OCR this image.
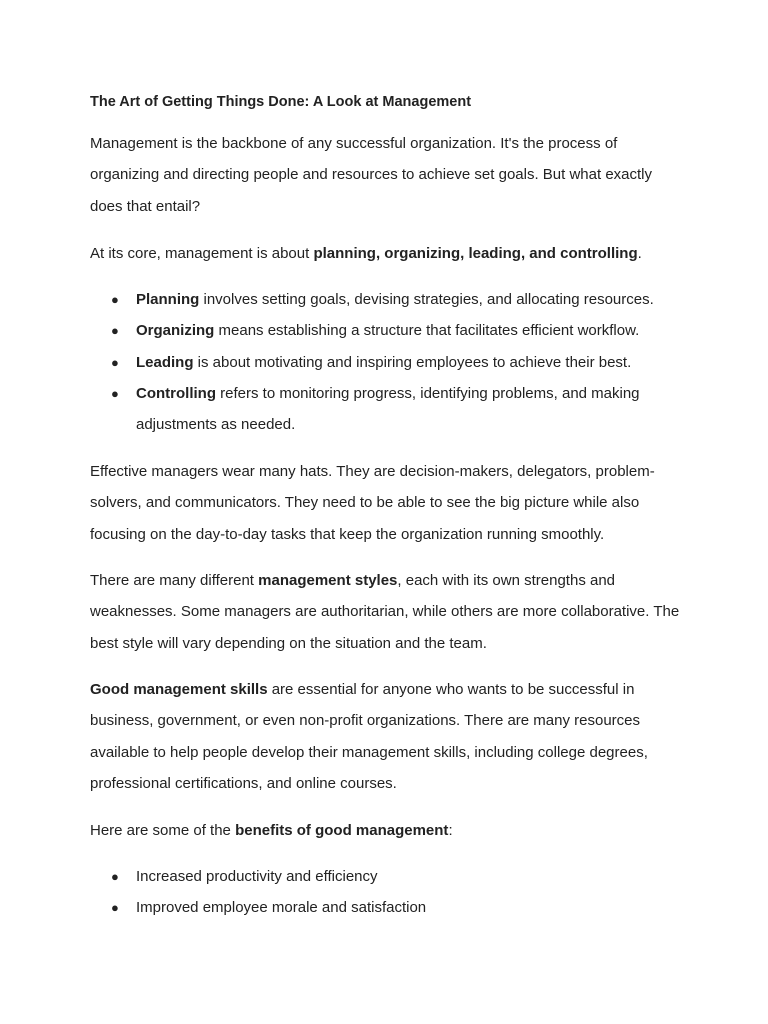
The Art of Getting Things Done: A Look at Management

Management is the backbone of any successful organization. It's the process of organizing and directing people and resources to achieve set goals. But what exactly does that entail?

At its core, management is about planning, organizing, leading, and controlling.

● Planning involves setting goals, devising strategies, and allocating resources.
● Organizing means establishing a structure that facilitates efficient workflow.
● Leading is about motivating and inspiring employees to achieve their best.
● Controlling refers to monitoring progress, identifying problems, and making adjustments as needed.

Effective managers wear many hats. They are decision-makers, delegators, problem-solvers, and communicators. They need to be able to see the big picture while also focusing on the day-to-day tasks that keep the organization running smoothly.

There are many different management styles, each with its own strengths and weaknesses. Some managers are authoritarian, while others are more collaborative. The best style will vary depending on the situation and the team.

Good management skills are essential for anyone who wants to be successful in business, government, or even non-profit organizations. There are many resources available to help people develop their management skills, including college degrees, professional certifications, and online courses.

Here are some of the benefits of good management:

● Increased productivity and efficiency
● Improved employee morale and satisfaction
